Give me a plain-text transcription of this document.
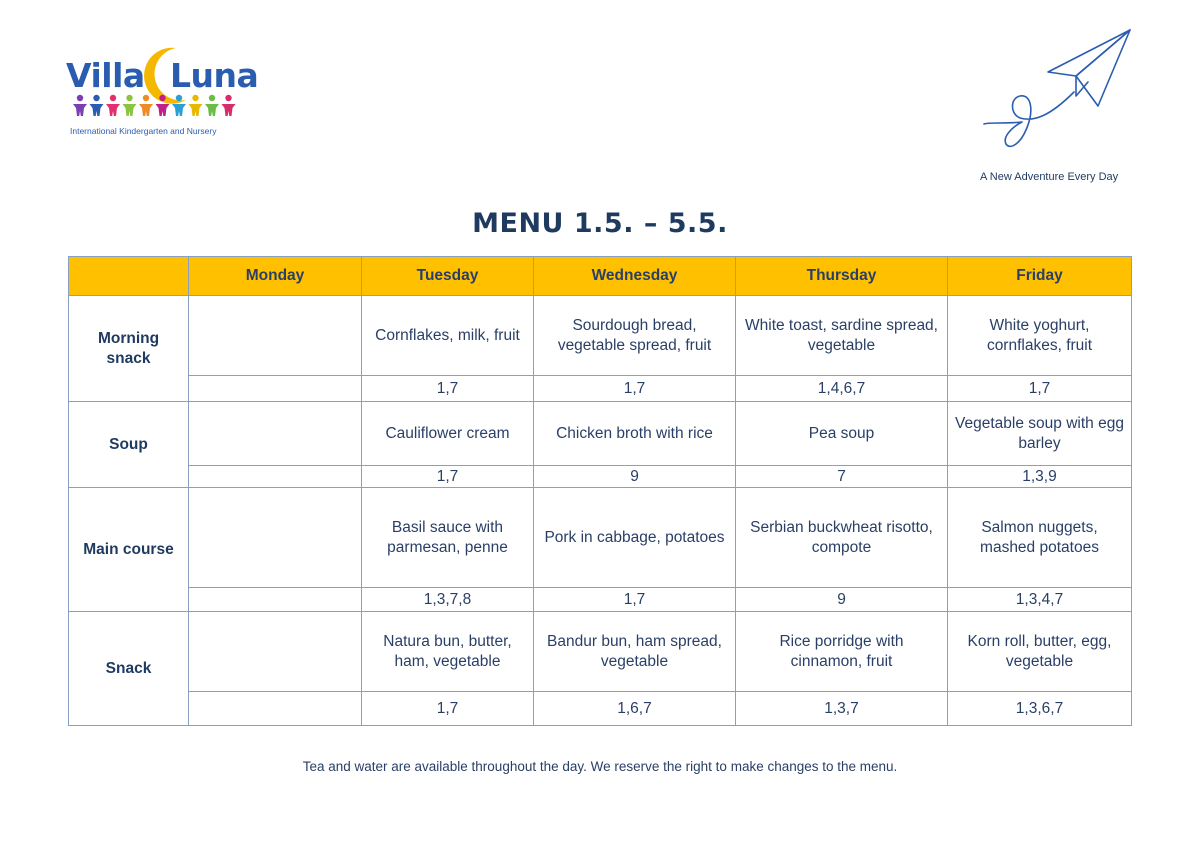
Villa Luna
International Kindergarten and Nursery
A New Adventure Every Day
MENU 1.5. – 5.5.
	Monday	Tuesday	Wednesday	Thursday	Friday
Morning snack		Cornflakes, milk, fruit	Sourdough bread, vegetable spread, fruit	White toast, sardine spread, vegetable	White yoghurt, cornflakes, fruit
		1,7	1,7	1,4,6,7	1,7
Soup		Cauliflower cream	Chicken broth with rice	Pea soup	Vegetable soup with egg barley
		1,7	9	7	1,3,9
Main course		Basil sauce with parmesan, penne	Pork in cabbage, potatoes	Serbian buckwheat risotto, compote	Salmon nuggets, mashed potatoes
		1,3,7,8	1,7	9	1,3,4,7
Snack		Natura bun, butter, ham, vegetable	Bandur bun, ham spread, vegetable	Rice porridge with cinnamon, fruit	Korn roll, butter, egg, vegetable
		1,7	1,6,7	1,3,7	1,3,6,7
Tea and water are available throughout the day. We reserve the right to make changes to the menu.
